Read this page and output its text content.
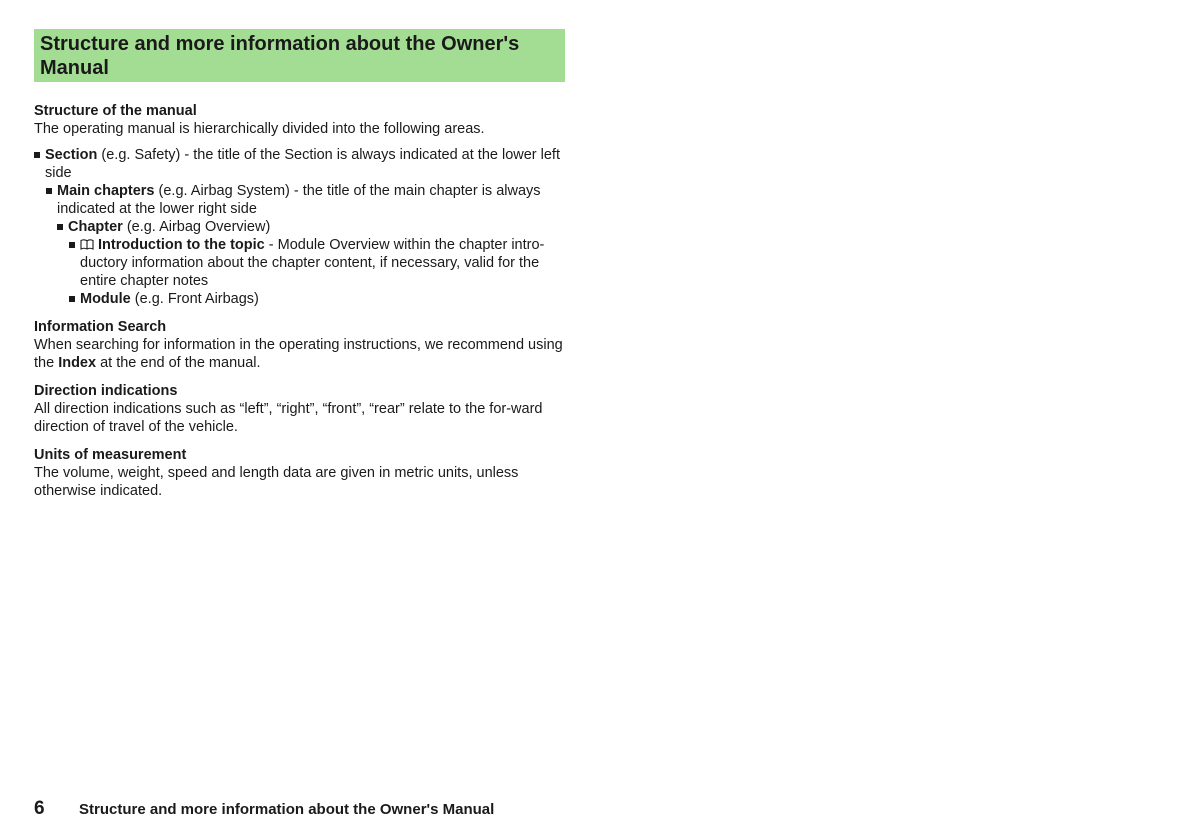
Structure and more information about the Owner's Manual

Structure of the manual

The operating manual is hierarchically divided into the following areas.

Section (e.g. Safety) - the title of the Section is always indicated at the lower left side
Main chapters (e.g. Airbag System) - the title of the main chapter is always indicated at the lower right side
Chapter (e.g. Airbag Overview)
Introduction to the topic - Module Overview within the chapter intro-ductory information about the chapter content, if necessary, valid for the entire chapter notes
Module (e.g. Front Airbags)

Information Search

When searching for information in the operating instructions, we recommend using the Index at the end of the manual.

Direction indications

All direction indications such as “left”, “right”, “front”, “rear” relate to the for-ward direction of travel of the vehicle.

Units of measurement

The volume, weight, speed and length data are given in metric units, unless otherwise indicated.

6 Structure and more information about the Owner's Manual
